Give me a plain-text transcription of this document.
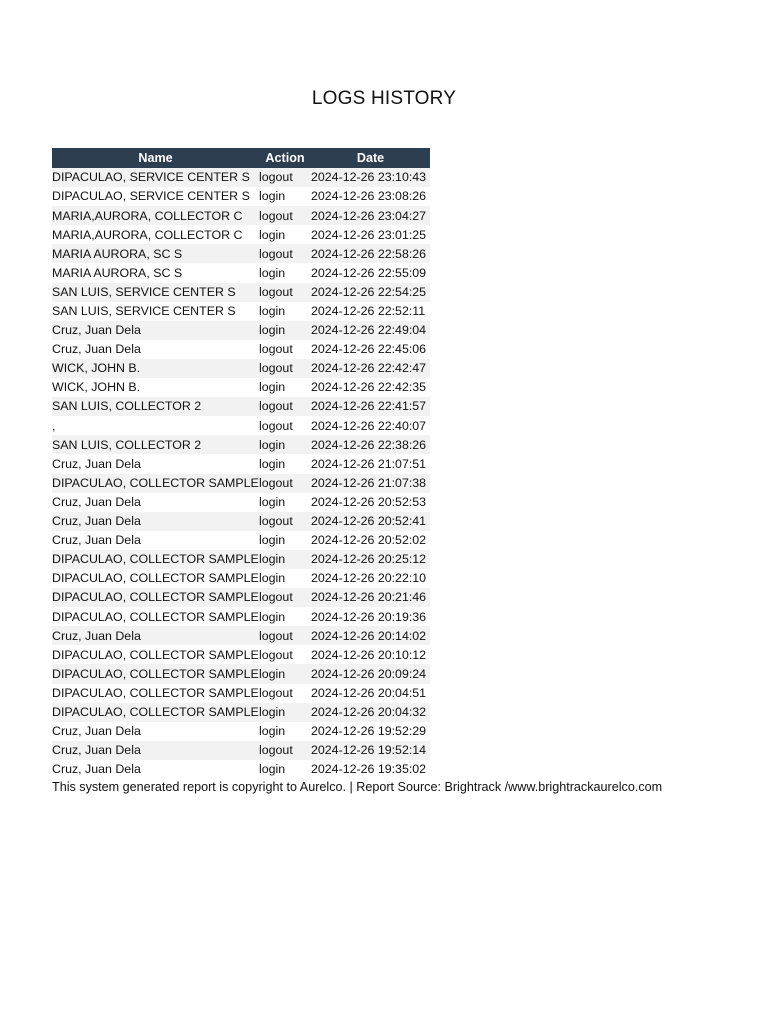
LOGS HISTORY
Name	Action	Date
DIPACULAO, SERVICE CENTER S	logout	2024-12-26 23:10:43
DIPACULAO, SERVICE CENTER S	login	2024-12-26 23:08:26
MARIA,AURORA, COLLECTOR C	logout	2024-12-26 23:04:27
MARIA,AURORA, COLLECTOR C	login	2024-12-26 23:01:25
MARIA AURORA, SC S	logout	2024-12-26 22:58:26
MARIA AURORA, SC S	login	2024-12-26 22:55:09
SAN LUIS, SERVICE CENTER S	logout	2024-12-26 22:54:25
SAN LUIS, SERVICE CENTER S	login	2024-12-26 22:52:11
Cruz, Juan Dela	login	2024-12-26 22:49:04
Cruz, Juan Dela	logout	2024-12-26 22:45:06
WICK, JOHN B.	logout	2024-12-26 22:42:47
WICK, JOHN B.	login	2024-12-26 22:42:35
SAN LUIS, COLLECTOR 2	logout	2024-12-26 22:41:57
,	logout	2024-12-26 22:40:07
SAN LUIS, COLLECTOR 2	login	2024-12-26 22:38:26
Cruz, Juan Dela	login	2024-12-26 21:07:51
DIPACULAO, COLLECTOR SAMPLE	logout	2024-12-26 21:07:38
Cruz, Juan Dela	login	2024-12-26 20:52:53
Cruz, Juan Dela	logout	2024-12-26 20:52:41
Cruz, Juan Dela	login	2024-12-26 20:52:02
DIPACULAO, COLLECTOR SAMPLE	login	2024-12-26 20:25:12
DIPACULAO, COLLECTOR SAMPLE	login	2024-12-26 20:22:10
DIPACULAO, COLLECTOR SAMPLE	logout	2024-12-26 20:21:46
DIPACULAO, COLLECTOR SAMPLE	login	2024-12-26 20:19:36
Cruz, Juan Dela	logout	2024-12-26 20:14:02
DIPACULAO, COLLECTOR SAMPLE	logout	2024-12-26 20:10:12
DIPACULAO, COLLECTOR SAMPLE	login	2024-12-26 20:09:24
DIPACULAO, COLLECTOR SAMPLE	logout	2024-12-26 20:04:51
DIPACULAO, COLLECTOR SAMPLE	login	2024-12-26 20:04:32
Cruz, Juan Dela	login	2024-12-26 19:52:29
Cruz, Juan Dela	logout	2024-12-26 19:52:14
Cruz, Juan Dela	login	2024-12-26 19:35:02
This system generated report is copyright to Aurelco. | Report Source: Brightrack /www.brightrackaurelco.com
